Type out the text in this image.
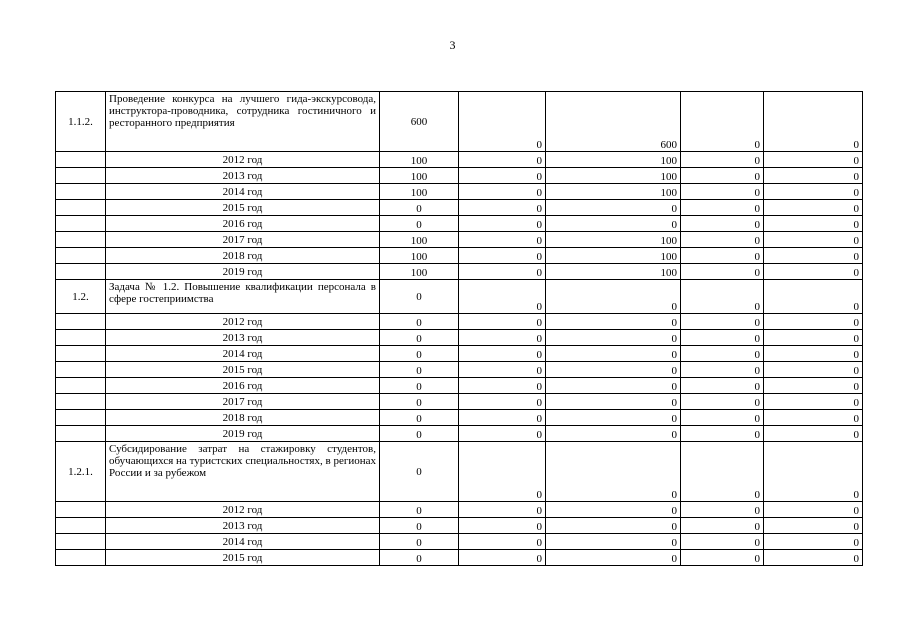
3
1.1.2.	Проведение конкурса на лучшего гида-экскурсовода, инструктора-проводника, сотрудника гостиничного и ресторанного предприятия	600	0	600	0	0
	2012 год	100	0	100	0	0
	2013 год	100	0	100	0	0
	2014 год	100	0	100	0	0
	2015 год	0	0	0	0	0
	2016 год	0	0	0	0	0
	2017 год	100	0	100	0	0
	2018 год	100	0	100	0	0
	2019 год	100	0	100	0	0
1.2.	Задача № 1.2. Повышение квалификации персонала в сфере гостеприимства	0	0	0	0	0
	2012 год	0	0	0	0	0
	2013 год	0	0	0	0	0
	2014 год	0	0	0	0	0
	2015 год	0	0	0	0	0
	2016 год	0	0	0	0	0
	2017 год	0	0	0	0	0
	2018 год	0	0	0	0	0
	2019 год	0	0	0	0	0
1.2.1.	Субсидирование затрат на стажировку студентов, обучающихся на туристских специальностях, в регионах России и за рубежом	0	0	0	0	0
	2012 год	0	0	0	0	0
	2013 год	0	0	0	0	0
	2014 год	0	0	0	0	0
	2015 год	0	0	0	0	0
